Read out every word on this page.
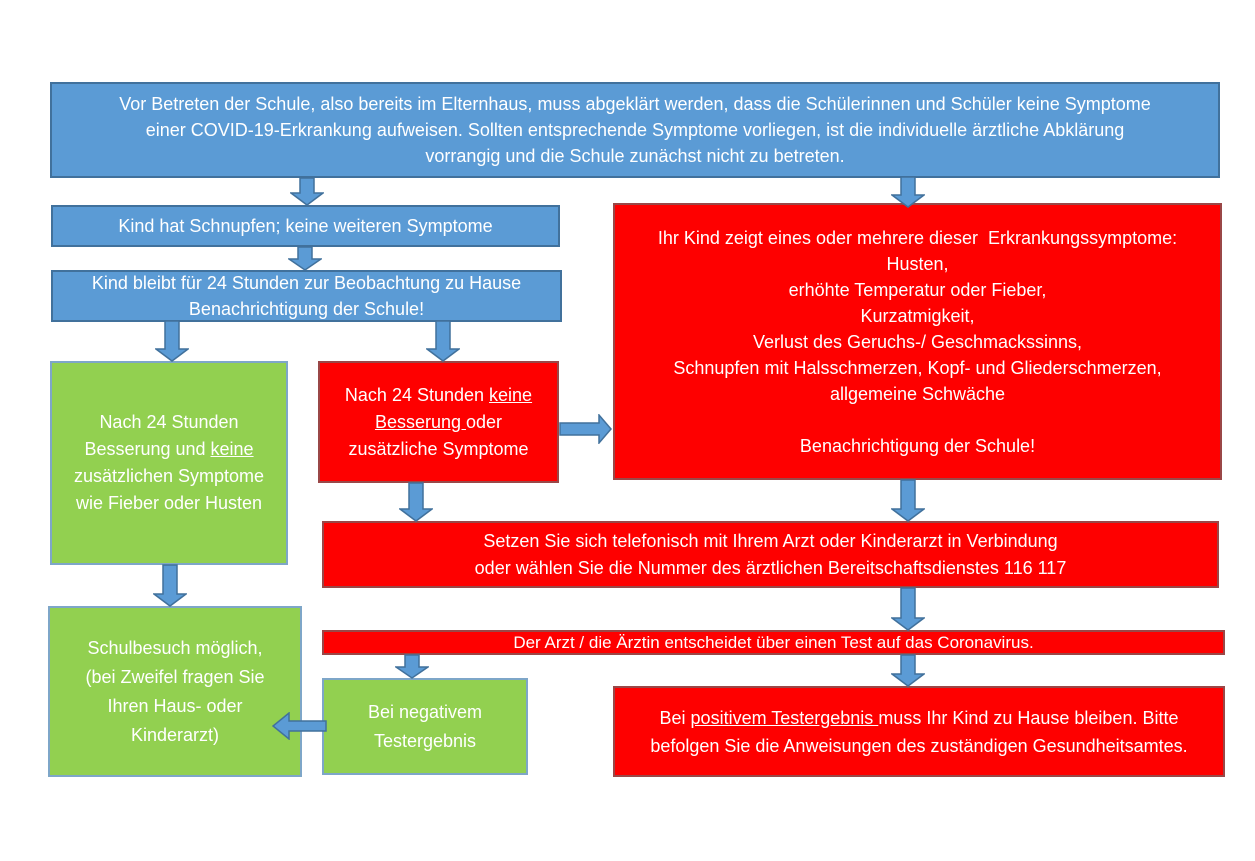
Vor Betreten der Schule, also bereits im Elternhaus, muss abgeklärt werden, dass die Schülerinnen und Schüler keine Symptome
einer COVID-19-Erkrankung aufweisen. Sollten entsprechende Symptome vorliegen, ist die individuelle ärztliche Abklärung
vorrangig und die Schule zunächst nicht zu betreten.
Kind hat Schnupfen; keine weiteren Symptome
Kind bleibt für 24 Stunden zur Beobachtung zu Hause
Benachrichtigung der Schule!
Ihr Kind zeigt eines oder mehrere dieser  Erkrankungssymptome:
Husten,
erhöhte Temperatur oder Fieber,
Kurzatmigkeit,
Verlust des Geruchs-/ Geschmackssinns,
Schnupfen mit Halsschmerzen, Kopf- und Gliederschmerzen,
allgemeine Schwäche
Benachrichtigung der Schule!
Nach 24 Stunden
Besserung und keine
zusätzlichen Symptome
wie Fieber oder Husten
Nach 24 Stunden keine
Besserung oder
zusätzliche Symptome
Setzen Sie sich telefonisch mit Ihrem Arzt oder Kinderarzt in Verbindung
oder wählen Sie die Nummer des ärztlichen Bereitschaftsdienstes 116 117
Der Arzt / die Ärztin entscheidet über einen Test auf das Coronavirus.
Schulbesuch möglich,
(bei Zweifel fragen Sie
Ihren Haus- oder
Kinderarzt)
Bei negativem
Testergebnis
Bei positivem Testergebnis muss Ihr Kind zu Hause bleiben. Bitte
befolgen Sie die Anweisungen des zuständigen Gesundheitsamtes.
